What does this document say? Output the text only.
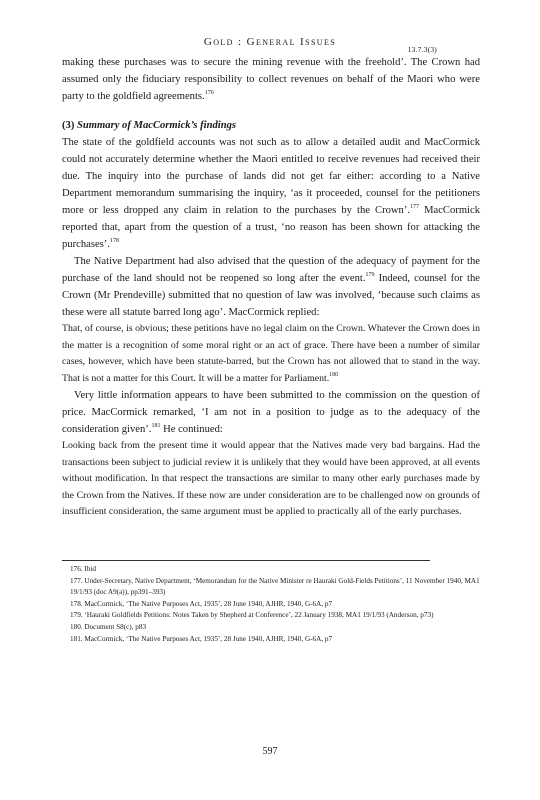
Gold : General Issues
13.7.3(3)

making these purchases was to secure the mining revenue with the freehold’. The Crown had assumed only the fiduciary responsibility to collect revenues on behalf of the Maori who were party to the goldfield agreements.$^{176}$

(3) Summary of MacCormick’s findings

The state of the goldfield accounts was not such as to allow a detailed audit and MacCormick could not accurately determine whether the Maori entitled to receive revenues had received their due. The inquiry into the purchase of lands did not get far either: according to a Native Department memorandum summarising the inquiry, ‘as it proceeded, counsel for the petitioners more or less dropped any claim in relation to the purchases by the Crown’.$^{177}$ MacCormick reported that, apart from the question of a trust, ‘no reason has been shown for attacking the purchases’.$^{178}$

The Native Department had also advised that the question of the adequacy of payment for the purchase of the land should not be reopened so long after the event.$^{179}$ Indeed, counsel for the Crown (Mr Prendeville) submitted that no question of law was involved, ‘because such claims as these were all statute barred long ago’. MacCormick replied:

That, of course, is obvious; these petitions have no legal claim on the Crown. Whatever the Crown does in the matter is a recognition of some moral right or an act of grace. There have been a number of similar cases, however, which have been statute-barred, but the Crown has not allowed that to stand in the way. That is not a matter for this Court. It will be a matter for Parliament.$^{180}$

Very little information appears to have been submitted to the commission on the question of price. MacCormick remarked, ‘I am not in a position to judge as to the adequacy of the consideration given’.$^{181}$ He continued:

Looking back from the present time it would appear that the Natives made very bad bargains. Had the transactions been subject to judicial review it is unlikely that they would have been approved, at all events without modification. In that respect the transactions are similar to many other early purchases made by the Crown from the Natives. If these now are under consideration are to be challenged now on grounds of insufficient consideration, the same argument must be applied to practically all of the early purchases.

176. Ibid

177. Under-Secretary, Native Department, ‘Memorandum for the Native Minister re Hauraki Gold-Fields Petitions’, 11 November 1940, MA1 19/1/93 (doc A9(a)), pp391–393)

178. MacCormick, ‘The Native Purposes Act, 1935’, 28 June 1940, AJHR, 1940, G-6A, p7

179. ‘Hauraki Goldfields Petitions: Notes Taken by Shepherd at Conference’, 22 January 1938, MA1 19/1/93 (Anderson, p73)

180. Document S8(c), p83

181. MacCormick, ‘The Native Purposes Act, 1935’, 28 June 1940, AJHR, 1940, G-6A, p7

597
